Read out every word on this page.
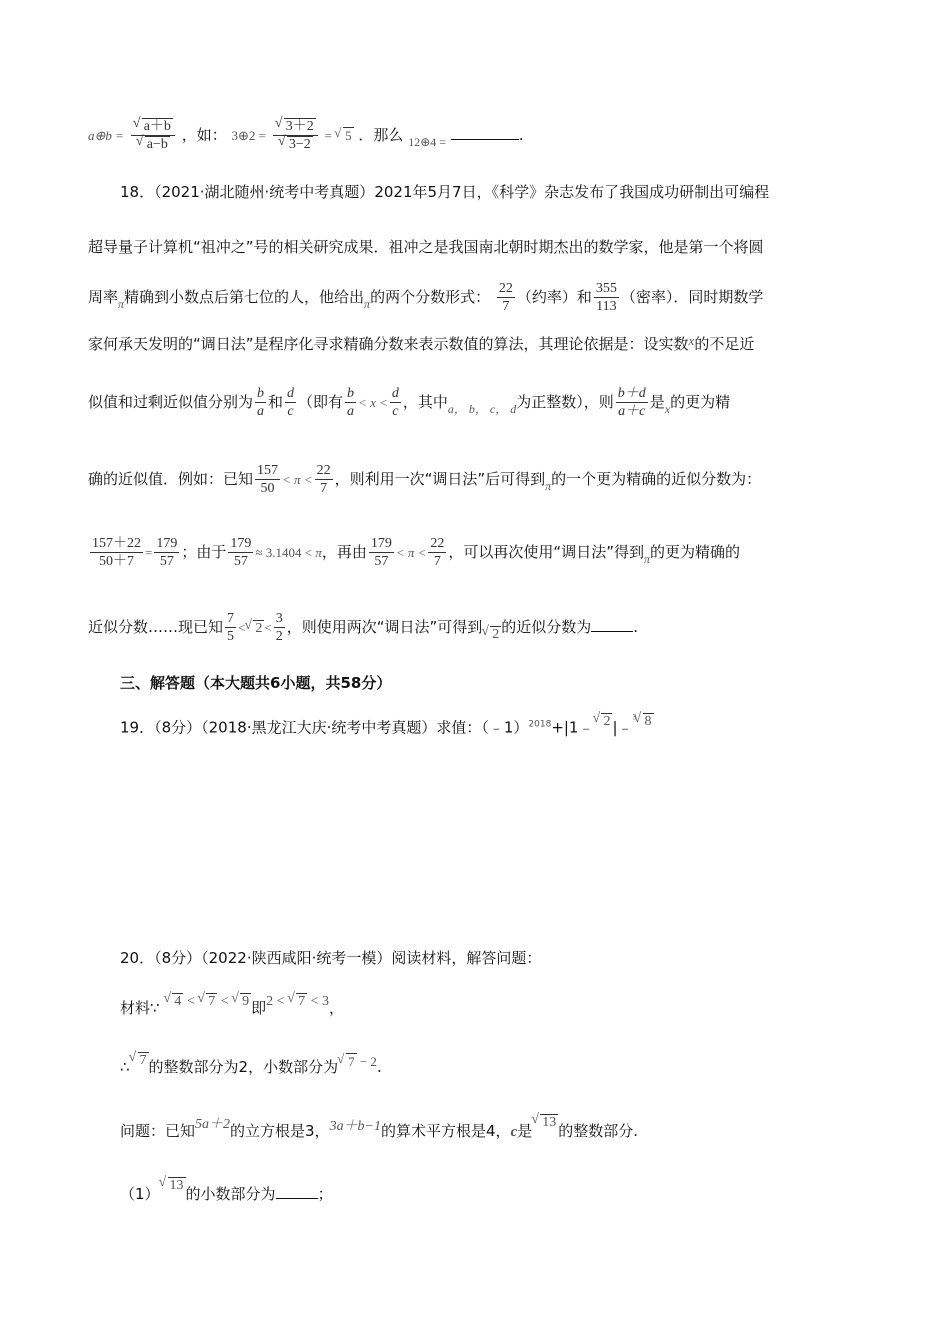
a⊕b = √ a＋b
√ a−b ，如： 3⊕2 = √ 3＋2
√ 3−2 = √ 5 ．那么 $_{12\oplus 4 =}$	.
18．（2021·湖北随州·统考中考真题）2021年5月7日，《科学》杂志发布了我国成功研制出可编程
超导量子计算机“祖冲之”号的相关研究成果．祖冲之是我国南北朝时期杰出的数学家，他是第一个将圆
周率$_\pi$精确到小数点后第七位的人，他给出$_\pi$的两个分数形式： $\frac{22}{7}$ （约率）和 $\frac{355}{113}$ （密率）．同时期数学
家何承天发明的“调日法”是程序化寻求精确分数来表示数值的算法，其理论依据是：设实数x的不足近
似值和过剩近似值分别为 $\frac{b}{a}$ 和 $\frac{d}{c}$ （即有 $\frac{b}{a} < x < \frac{d}{c}$ ，其中$_{a, b, c, d}$为正整数），则 $\frac{b+d}{a+c}$ 是$_x$的更为精
确的近似值．例如：已知 $\frac{157}{50} < \pi < \frac{22}{7}$ ，则利用一次“调日法”后可得到$_\pi$的一个更为精确的近似分数为：
$\frac{157+22}{50+7} = \frac{179}{57}$ ；由于 $\frac{179}{57} \approx 3.1404 < \pi$，再由 $\frac{179}{57} < \pi < \frac{22}{7}$ ，可以再次使用“调日法”得到$_\pi$的更为精确的
近似分数……现已知 $\frac{7}{5}$ < √ $2 < \frac{3}{2}$ ，则使用两次“调日法”可得到 √ 2 的近似分数为	.
三、解答题（本大题共6小题，共58分）
19．（8分）（2018·黑龙江大庆·统考中考真题）求值：（﹣1）$^{2018}$+|1﹣ √ 2 |﹣$^3$ √ 8
20．（8分）（2022·陕西咸阳·统考一模）阅读材料，解答问题：
材料∵ √ 4 < √ 7 < √ 9 即2 < √ 7 < 3，
∴ √ 7 的整数部分为2，小数部分为 √ 7 − 2.
问题：已知5a＋2的立方根是3，3a＋b−1的算术平方根是4，c是 √ 13 的整数部分.
（1） √ 13 的小数部分为	；
